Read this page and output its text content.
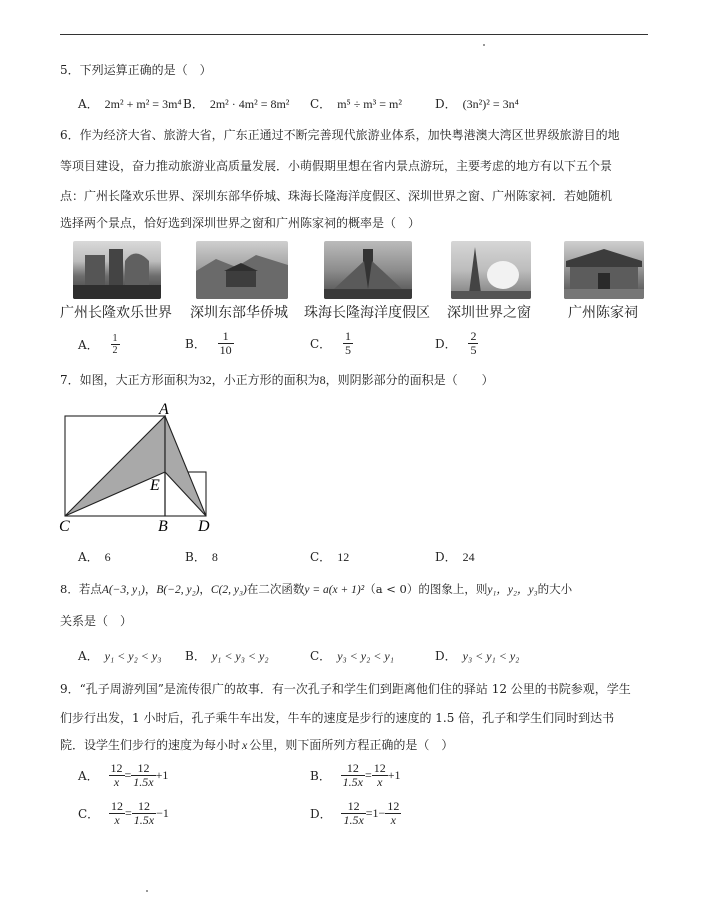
5．下列运算正确的是（　）
A． 2m² + m² = 3m⁴ B． 2m² · 4m² = 8m² C． m⁵ ÷ m³ = m²	D． (3n²)² = 3n⁴
6．作为经济大省、旅游大省，广东正通过不断完善现代旅游业体系，加快粤港澳大湾区世界级旅游目的地
等项目建设，奋力推动旅游业高质量发展．小萌假期里想在省内景点游玩，主要考虑的地方有以下五个景
点：广州长隆欢乐世界、深圳东部华侨城、珠海长隆海洋度假区、深圳世界之窗、广州陈家祠．若她随机
选择两个景点，恰好选到深圳世界之窗和广州陈家祠的概率是（　）
广州长隆欢乐世界 深圳东部华侨城 珠海长隆海洋度假区 深圳世界之窗	广州陈家祠
A． $\frac{1}{2}$	B． $\frac{1}{10}$	C． $\frac{1}{5}$	D． $\frac{2}{5}$
7．如图，大正方形面积为32，小正方形的面积为8，则阴影部分的面积是（　　）
A
E
C	B D
A． 6	B． 8	C． 12	D． 24
8．若点A(−3, y₁)，B(−2, y₂)，C(2, y₃)在二次函数y = a(x + 1)²（a < 0）的图象上，则y₁，y₂，y₃的大小
关系是（　）
A． y₁ < y₂ < y₃ B． y₁ < y₃ < y₂	C． y₃ < y₂ < y₁	D． y₃ < y₁ < y₂
9．“孔子周游列国”是流传很广的故事．有一次孔子和学生们到距离他们住的驿站 12 公里的书院参观，学生
们步行出发，1 小时后，孔子乘牛车出发，牛车的速度是步行的速度的 1.5 倍，孔子和学生们同时到达书
院．设学生们步行的速度为每小时 x 公里，则下面所列方程正确的是（　）
A． $\frac{12}{x} = \frac{12}{1.5x} +1$	B． $\frac{12}{1.5x} = \frac{12}{x} +1$
C． $\frac{12}{x} = \frac{12}{1.5x} -1$	D． $\frac{12}{1.5x} =1- \frac{12}{x}$
